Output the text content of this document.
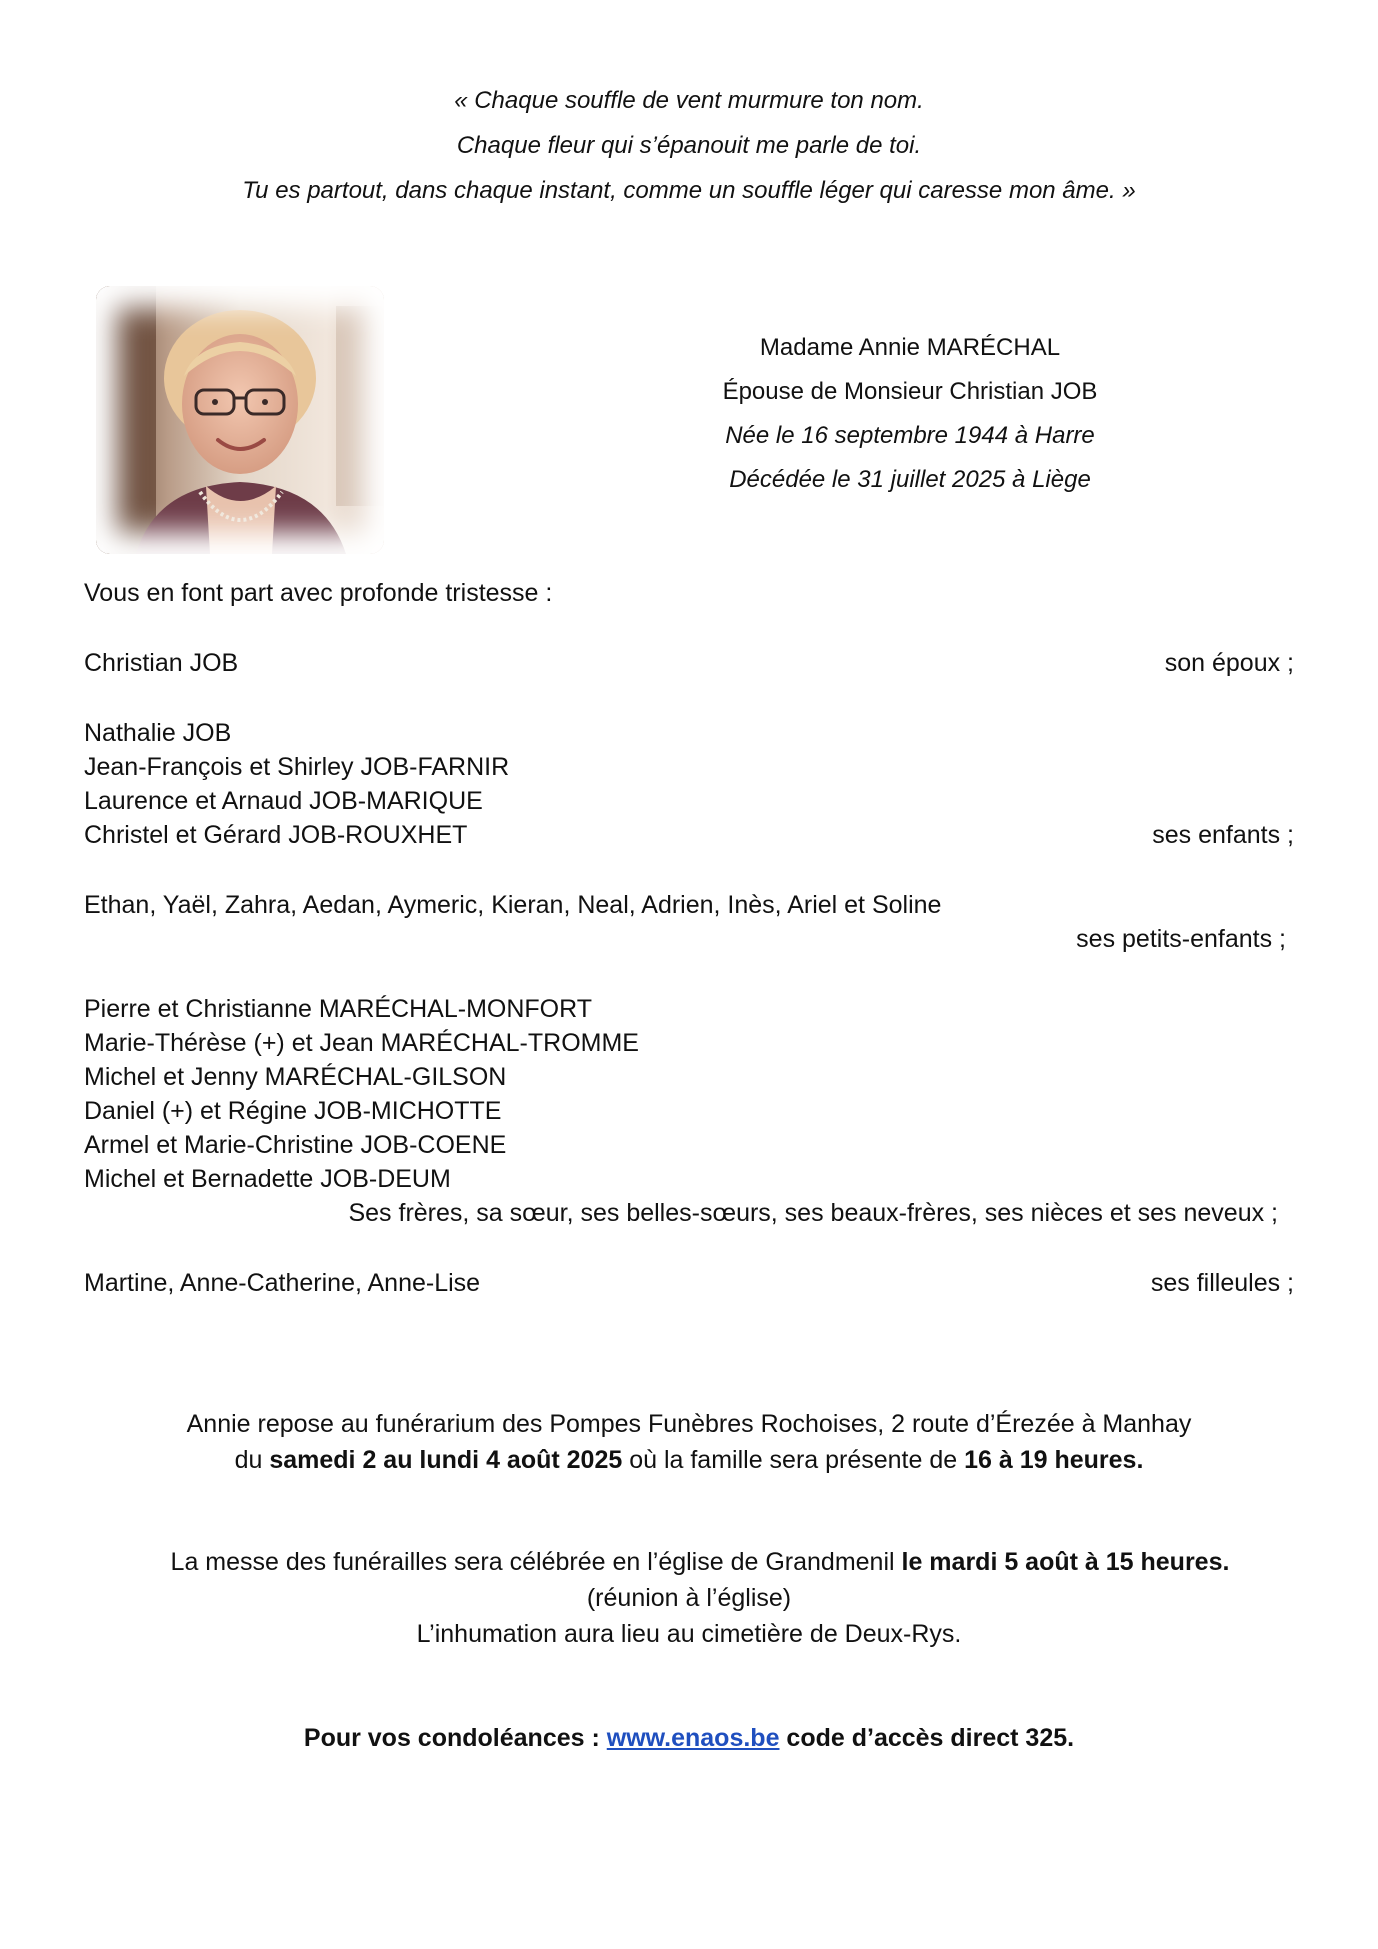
« Chaque souffle de vent murmure ton nom.
Chaque fleur qui s’épanouit me parle de toi.
Tu es partout, dans chaque instant, comme un souffle léger qui caresse mon âme. »
Madame Annie MARÉCHAL
Épouse de Monsieur Christian JOB
Née le 16 septembre 1944 à Harre
Décédée le 31 juillet 2025 à Liège
Vous en font part avec profonde tristesse :
Christian JOB	son époux ;
Nathalie JOB
Jean-François et Shirley JOB-FARNIR
Laurence et Arnaud JOB-MARIQUE
Christel et Gérard JOB-ROUXHET	ses enfants ;
Ethan, Yaël, Zahra, Aedan, Aymeric, Kieran, Neal, Adrien, Inès, Ariel et Soline
ses petits-enfants ;
Pierre et Christianne MARÉCHAL-MONFORT
Marie-Thérèse (+) et Jean MARÉCHAL-TROMME
Michel et Jenny MARÉCHAL-GILSON
Daniel (+) et Régine JOB-MICHOTTE
Armel et Marie-Christine JOB-COENE
Michel et Bernadette JOB-DEUM
Ses frères, sa sœur, ses belles-sœurs, ses beaux-frères, ses nièces et ses neveux ;
Martine, Anne-Catherine, Anne-Lise	ses filleules ;
Annie repose au funérarium des Pompes Funèbres Rochoises, 2 route d’Érezée à Manhay
du samedi 2 au lundi 4 août 2025 où la famille sera présente de 16 à 19 heures.
La messe des funérailles sera célébrée en l’église de Grandmenil le mardi 5 août à 15 heures.
(réunion à l’église)
L’inhumation aura lieu au cimetière de Deux-Rys.
Pour vos condoléances : www.enaos.be code d’accès direct 325.
